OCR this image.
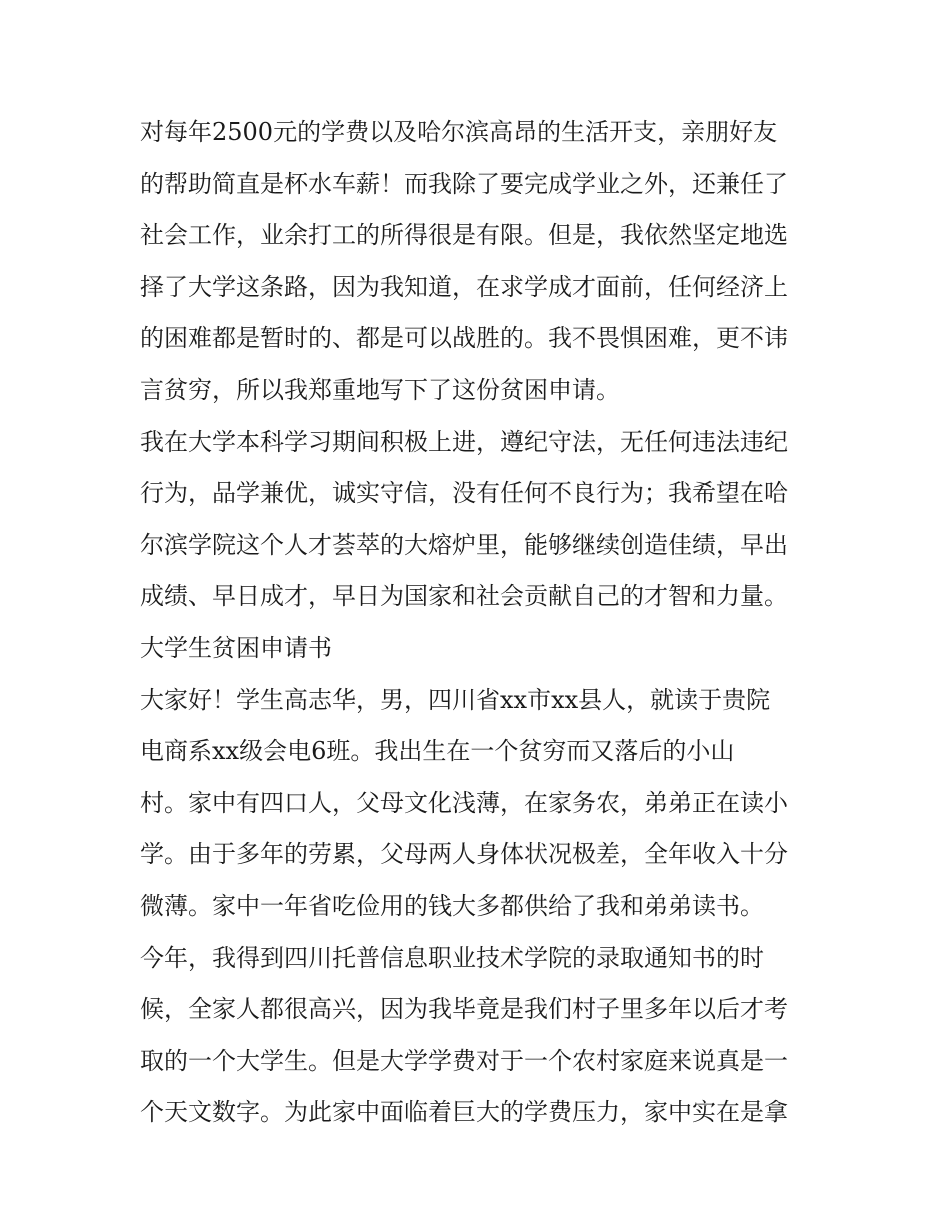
对每年2500元的学费以及哈尔滨高昂的生活开支，亲朋好友
的帮助简直是杯水车薪！而我除了要完成学业之外，还兼任了
社会工作，业余打工的所得很是有限。但是，我依然坚定地选
择了大学这条路，因为我知道，在求学成才面前，任何经济上
的困难都是暂时的、都是可以战胜的。我不畏惧困难，更不讳
言贫穷，所以我郑重地写下了这份贫困申请。
我在大学本科学习期间积极上进，遵纪守法，无任何违法违纪
行为，品学兼优，诚实守信，没有任何不良行为；我希望在哈
尔滨学院这个人才荟萃的大熔炉里，能够继续创造佳绩，早出
成绩、早日成才，早日为国家和社会贡献自己的才智和力量。
大学生贫困申请书
大家好！学生高志华，男，四川省xx市xx县人，就读于贵院
电商系xx级会电6班。我出生在一个贫穷而又落后的小山
村。家中有四口人，父母文化浅薄，在家务农，弟弟正在读小
学。由于多年的劳累，父母两人身体状况极差，全年收入十分
微薄。家中一年省吃俭用的钱大多都供给了我和弟弟读书。
今年，我得到四川托普信息职业技术学院的录取通知书的时
候，全家人都很高兴，因为我毕竟是我们村子里多年以后才考
取的一个大学生。但是大学学费对于一个农村家庭来说真是一
个天文数字。为此家中面临着巨大的学费压力，家中实在是拿
